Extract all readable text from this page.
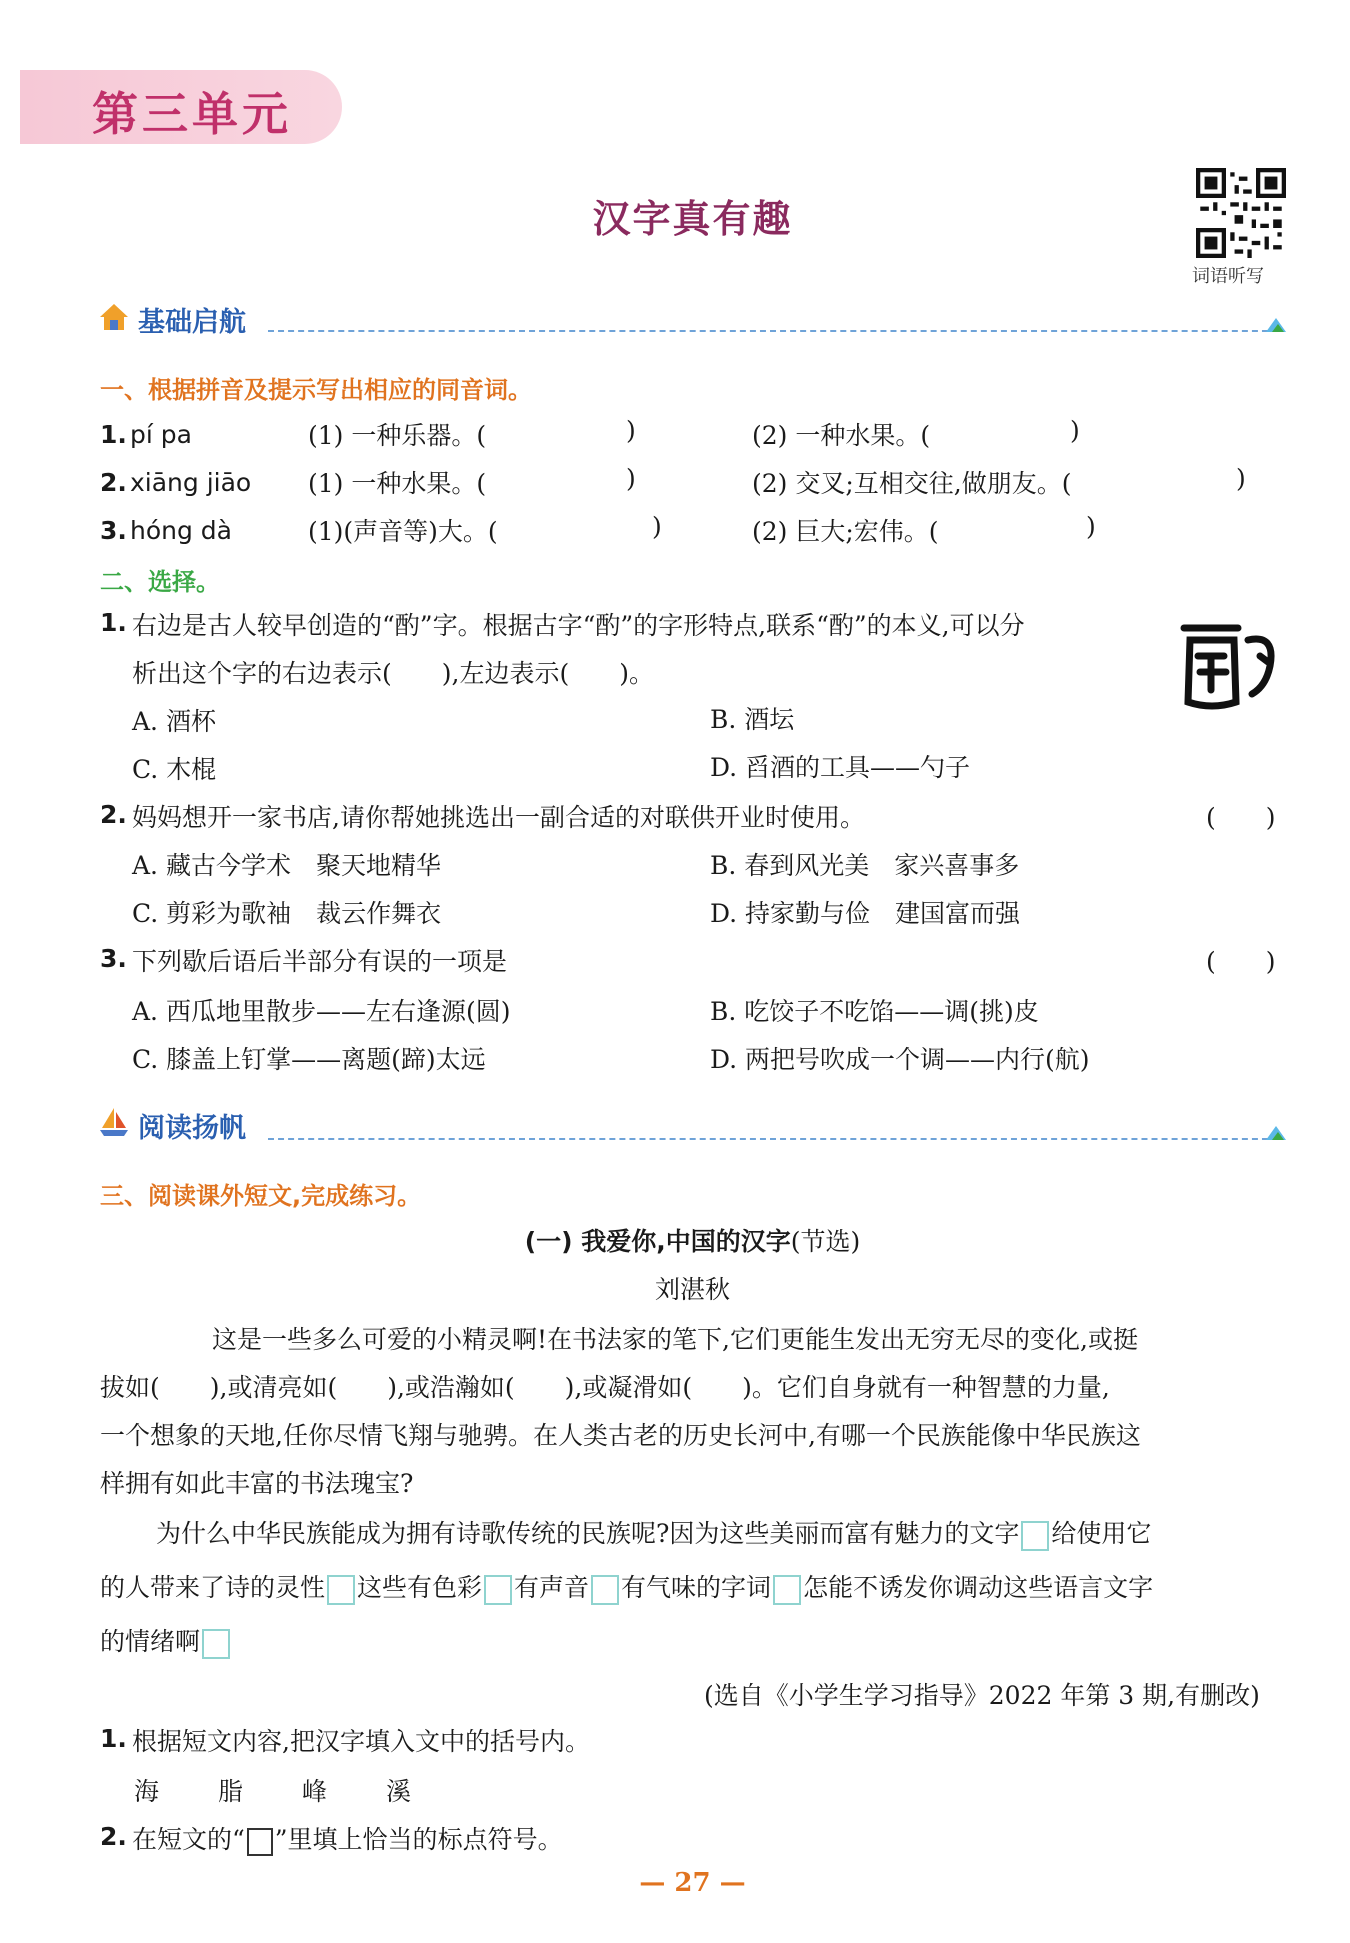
第三单元
汉字真有趣
词语听写
基础启航
一、根据拼音及提示写出相应的同音词。
1. pí pa	(1) 一种乐器。(	)	(2) 一种水果。(	)
2. xiāng jiāo (1) 一种水果。(	)	(2) 交叉;互相交往,做朋友。(	)
3. hóng dà	(1)(声音等)大。(	)	(2) 巨大;宏伟。(	)
二、选择。
1. 右边是古人较早创造的“酌”字。根据古字“酌”的字形特点,联系“酌”的本义,可以分
析出这个字的右边表示(　　),左边表示(　　)。
A. 酒杯	B. 酒坛
C. 木棍	D. 舀酒的工具——勺子
2. 妈妈想开一家书店,请你帮她挑选出一副合适的对联供开业时使用。	(　　)
A. 藏古今学术　聚天地精华	B. 春到风光美　家兴喜事多
C. 剪彩为歌袖　裁云作舞衣	D. 持家勤与俭　建国富而强
3. 下列歇后语后半部分有误的一项是	(　　)
A. 西瓜地里散步——左右逢源(圆)	B. 吃饺子不吃馅——调(挑)皮
C. 膝盖上钉掌——离题(蹄)太远	D. 两把号吹成一个调——内行(航)
阅读扬帆
三、阅读课外短文,完成练习。
(一) 我爱你,中国的汉字(节选)
刘湛秋
这是一些多么可爱的小精灵啊!在书法家的笔下,它们更能生发出无穷无尽的变化,或挺
拔如(　　),或清亮如(　　),或浩瀚如(　　),或凝滑如(　　)。它们自身就有一种智慧的力量,
一个想象的天地,任你尽情飞翔与驰骋。在人类古老的历史长河中,有哪一个民族能像中华民族这
样拥有如此丰富的书法瑰宝?
为什么中华民族能成为拥有诗歌传统的民族呢?因为这些美丽而富有魅力的文字 给使用它
的人带来了诗的灵性 这些有色彩 有声音 有气味的字词 怎能不诱发你调动这些语言文字
的情绪啊
(选自《小学生学习指导》2022 年第 3 期,有删改)
1. 根据短文内容,把汉字填入文中的括号内。
海 脂 峰 溪
2. 在短文的“ ”里填上恰当的标点符号。
— 27 —
